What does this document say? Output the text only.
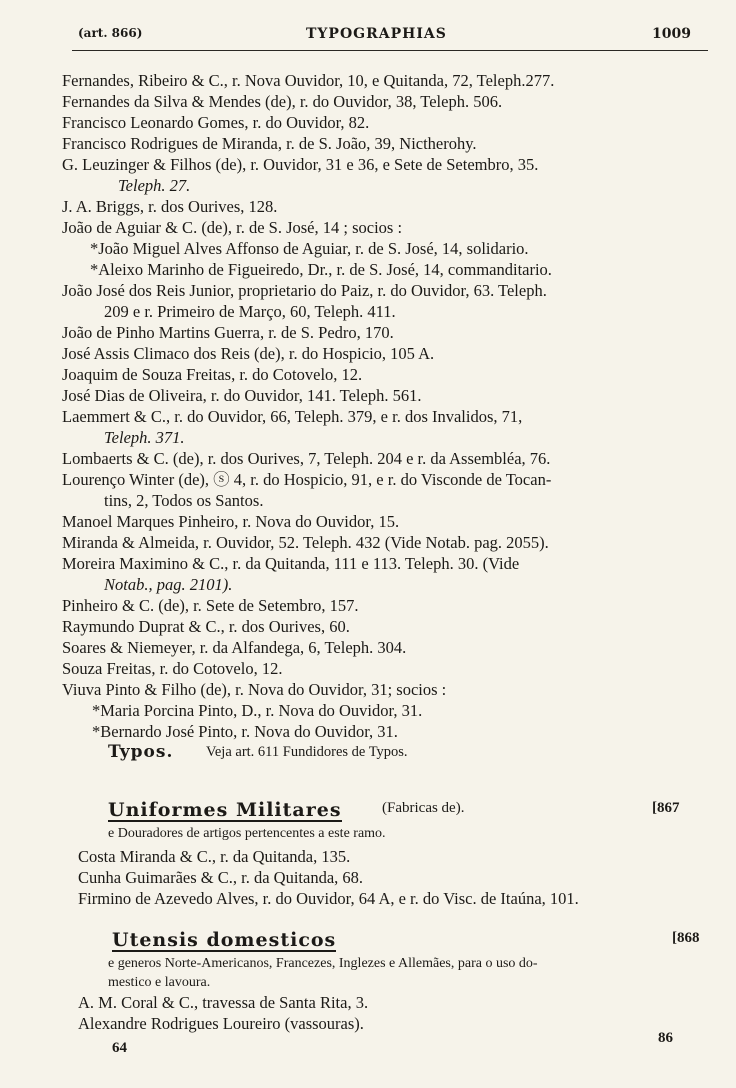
(art. 866)	TYPOGRAPHIAS	1009
Fernandes, Ribeiro & C., r. Nova Ouvidor, 10, e Quitanda, 72, Teleph.277.
Fernandes da Silva & Mendes (de), r. do Ouvidor, 38, Teleph. 506.
Francisco Leonardo Gomes, r. do Ouvidor, 82.
Francisco Rodrigues de Miranda, r. de S. João, 39, Nictherohy.
G. Leuzinger & Filhos (de), r. Ouvidor, 31 e 36, e Sete de Setembro, 35.
Teleph. 27.
J. A. Briggs, r. dos Ourives, 128.
João de Aguiar & C. (de), r. de S. José, 14 ; socios :
*João Miguel Alves Affonso de Aguiar, r. de S. José, 14, solidario.
*Aleixo Marinho de Figueiredo, Dr., r. de S. José, 14, commanditario.
João José dos Reis Junior, proprietario do Paiz, r. do Ouvidor, 63. Teleph.
209 e r. Primeiro de Março, 60, Teleph. 411.
João de Pinho Martins Guerra, r. de S. Pedro, 170.
José Assis Climaco dos Reis (de), r. do Hospicio, 105 A.
Joaquim de Souza Freitas, r. do Cotovelo, 12.
José Dias de Oliveira, r. do Ouvidor, 141. Teleph. 561.
Laemmert & C., r. do Ouvidor, 66, Teleph. 379, e r. dos Invalidos, 71,
Teleph. 371.
Lombaerts & C. (de), r. dos Ourives, 7, Teleph. 204 e r. da Assembléa, 76.
Lourenço Winter (de), ⓢ 4, r. do Hospicio, 91, e r. do Visconde de Tocan-
tins, 2, Todos os Santos.
Manoel Marques Pinheiro, r. Nova do Ouvidor, 15.
Miranda & Almeida, r. Ouvidor, 52. Teleph. 432 (Vide Notab. pag. 2055).
Moreira Maximino & C., r. da Quitanda, 111 e 113. Teleph. 30. (Vide
Notab., pag. 2101).
Pinheiro & C. (de), r. Sete de Setembro, 157.
Raymundo Duprat & C., r. dos Ourives, 60.
Soares & Niemeyer, r. da Alfandega, 6, Teleph. 304.
Souza Freitas, r. do Cotovelo, 12.
Viuva Pinto & Filho (de), r. Nova do Ouvidor, 31; socios :
*Maria Porcina Pinto, D., r. Nova do Ouvidor, 31.
*Bernardo José Pinto, r. Nova do Ouvidor, 31.
Typos. Veja art. 611 Fundidores de Typos.
Uniformes Militares	(Fabricas de).	[867
e Douradores de artigos pertencentes a este ramo.
Costa Miranda & C., r. da Quitanda, 135.
Cunha Guimarães & C., r. da Quitanda, 68.
Firmino de Azevedo Alves, r. do Ouvidor, 64 A, e r. do Visc. de Itaúna, 101.
Utensis domesticos	[868
e generos Norte-Americanos, Francezes, Inglezes e Allemães, para o uso do-
mestico e lavoura.
A. M. Coral & C., travessa de Santa Rita, 3.
Alexandre Rodrigues Loureiro (vassouras).
64
86
